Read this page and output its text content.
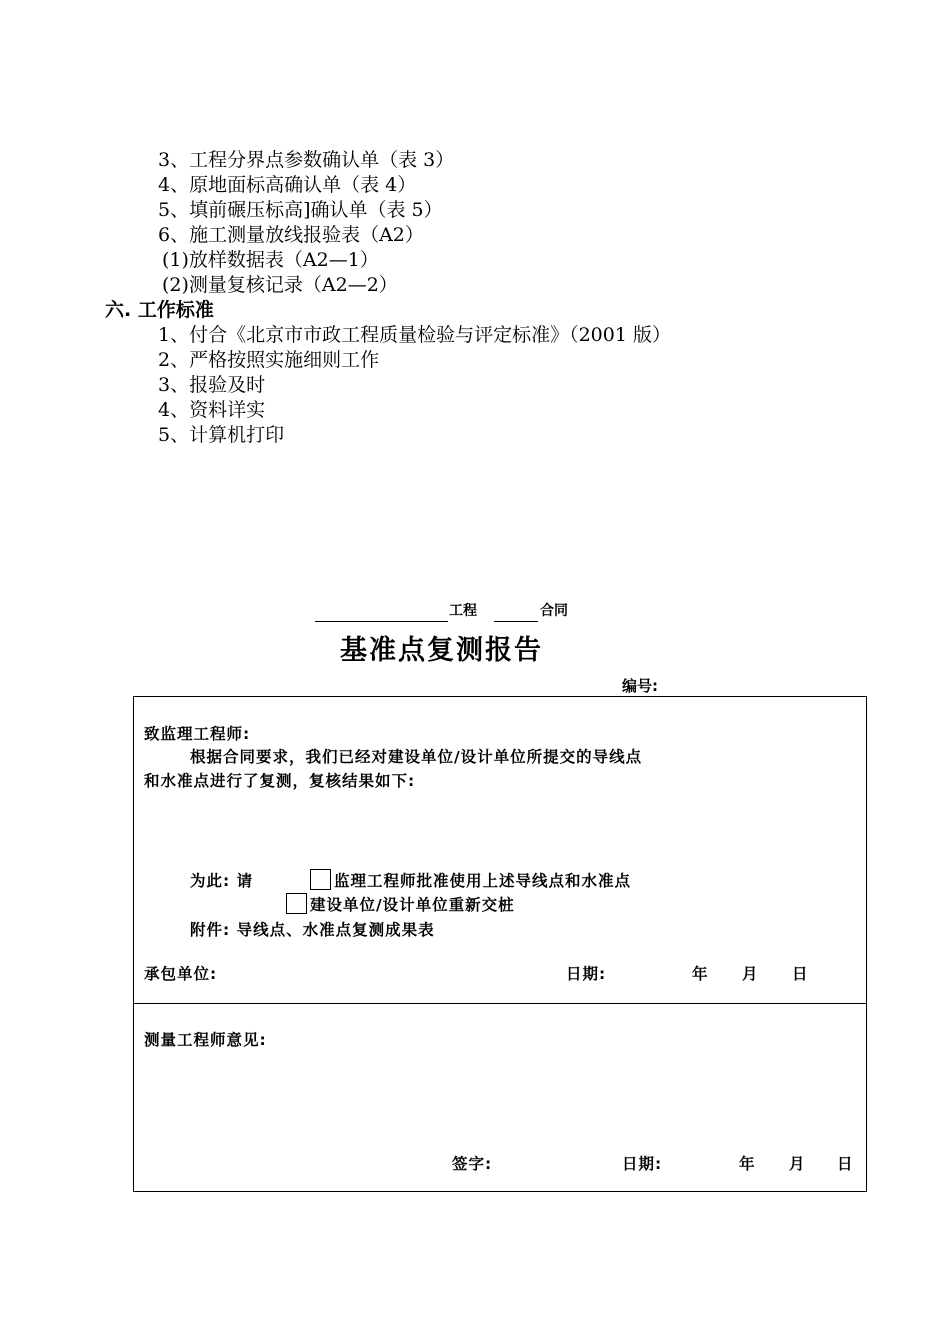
3、工程分界点参数确认单（表 3）
4、原地面标高确认单（表 4）
5、填前碾压标高]确认单（表 5）
6、施工测量放线报验表（A2）
(1)放样数据表（A2—1）
(2)测量复核记录（A2—2）
六. 工作标准
1、付合《北京市市政工程质量检验与评定标准》（2001 版）
2、严格按照实施细则工作
3、报验及时
4、资料详实
5、计算机打印
工程	合同
基准点复测报告
编号:
致监理工程师:
根据合同要求，我们已经对建设单位/设计单位所提交的导线点
和水准点进行了复测，复核结果如下:
为此: 请	监理工程师批准使用上述导线点和水准点
建设单位/设计单位重新交桩
附件: 导线点、水准点复测成果表
承包单位:	日期:	年 月 日
测量工程师意见:
签字:	日期:	年 月 日
